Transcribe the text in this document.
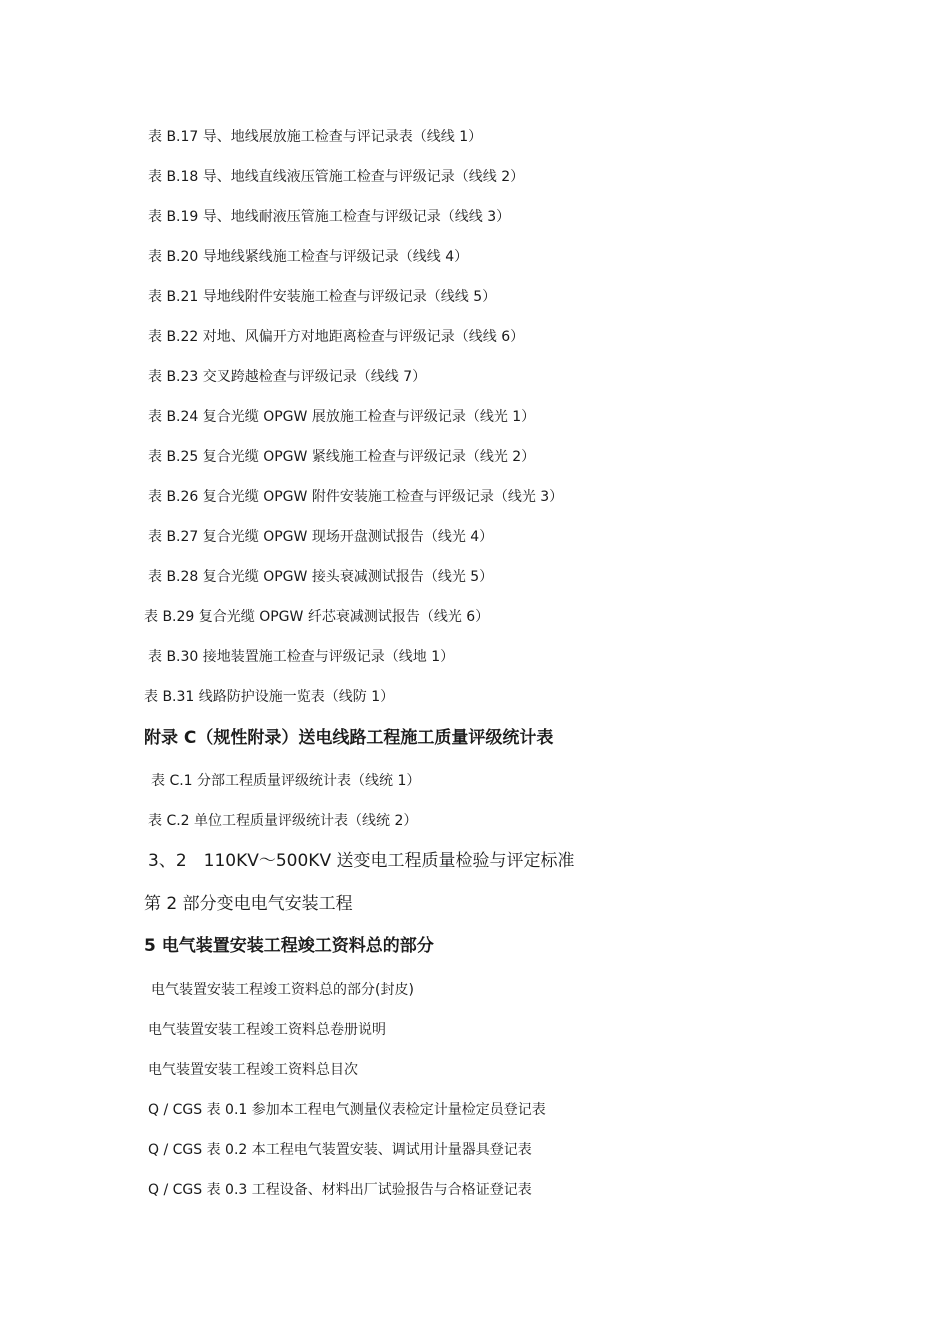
表 B.17 导、地线展放施工检查与评记录表（线线 1）
表 B.18 导、地线直线液压管施工检查与评级记录（线线 2）
表 B.19 导、地线耐液压管施工检查与评级记录（线线 3）
表 B.20 导地线紧线施工检查与评级记录（线线 4）
表 B.21 导地线附件安装施工检查与评级记录（线线 5）
表 B.22 对地、风偏开方对地距离检查与评级记录（线线 6）
表 B.23 交叉跨越检查与评级记录（线线 7）
表 B.24 复合光缆 OPGW 展放施工检查与评级记录（线光 1）
表 B.25 复合光缆 OPGW 紧线施工检查与评级记录（线光 2）
表 B.26 复合光缆 OPGW 附件安装施工检查与评级记录（线光 3）
表 B.27 复合光缆 OPGW 现场开盘测试报告（线光 4）
表 B.28 复合光缆 OPGW 接头衰减测试报告（线光 5）
表 B.29 复合光缆 OPGW 纤芯衰减测试报告（线光 6）
表 B.30 接地装置施工检查与评级记录（线地 1）
表 B.31 线路防护设施一览表（线防 1）
附录 C（规性附录）送电线路工程施工质量评级统计表
表 C.1 分部工程质量评级统计表（线统 1）
表 C.2 单位工程质量评级统计表（线统 2）
3、2　110KV～500KV 送变电工程质量检验与评定标准
第 2 部分变电电气安装工程
5 电气装置安装工程竣工资料总的部分
电气装置安装工程竣工资料总的部分(封皮)
电气装置安装工程竣工资料总卷册说明
电气装置安装工程竣工资料总目次
Q / CGS 表 0.1 参加本工程电气测量仪表检定计量检定员登记表
Q / CGS 表 0.2 本工程电气装置安装、调试用计量器具登记表
Q / CGS 表 0.3 工程设备、材料出厂试验报告与合格证登记表
